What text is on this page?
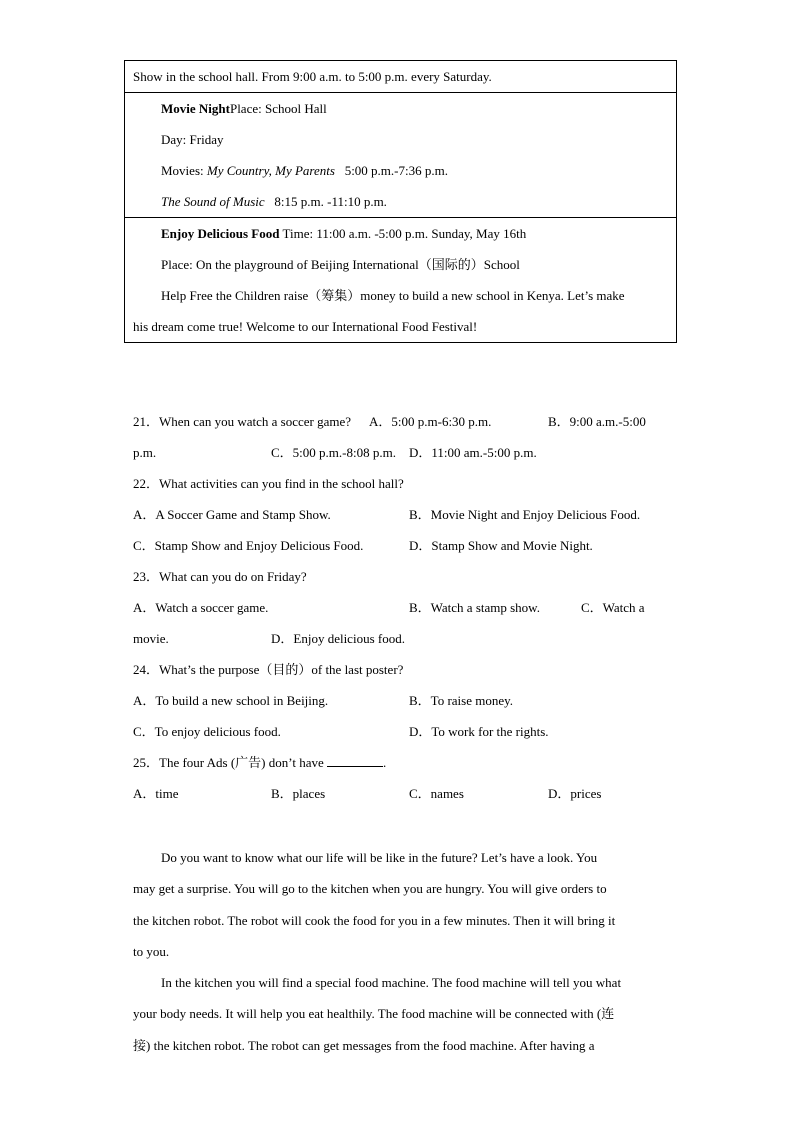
Show in the school hall. From 9:00 a.m. to 5:00 p.m. every Saturday.
Movie NightPlace: School Hall
Day: Friday
Movies: My Country, My Parents   5:00 p.m.-7:36 p.m.
The Sound of Music   8:15 p.m. -11:10 p.m.
Enjoy Delicious Food Time: 11:00 a.m. -5:00 p.m. Sunday, May 16th
Place: On the playground of Beijing International（国际的）School
Help Free the Children raise（筹集）money to build a new school in Kenya. Let’s make
his dream come true! Welcome to our International Food Festival!
21．When can you watch a soccer game? A．5:00 p.m-6:30 p.m.	B．9:00 a.m.-5:00
p.m.	C．5:00 p.m.-8:08 p.m. D．11:00 am.-5:00 p.m.
22．What activities can you find in the school hall?
A．A Soccer Game and Stamp Show.	B．Movie Night and Enjoy Delicious Food.
C．Stamp Show and Enjoy Delicious Food.	D．Stamp Show and Movie Night.
23．What can you do on Friday?
A．Watch a soccer game.	B．Watch a stamp show.	C．Watch a
movie.	D．Enjoy delicious food.
24．What’s the purpose（目的）of the last poster?
A．To build a new school in Beijing.	B．To raise money.
C．To enjoy delicious food.	D．To work for the rights.
25．The four Ads (广告) don’t have	.
A．time	B．places	C．names	D．prices
Do you want to know what our life will be like in the future? Let’s have a look. You
may get a surprise. You will go to the kitchen when you are hungry. You will give orders to
the kitchen robot. The robot will cook the food for you in a few minutes. Then it will bring it
to you.
In the kitchen you will find a special food machine. The food machine will tell you what
your body needs. It will help you eat healthily. The food machine will be connected with (连
接) the kitchen robot. The robot can get messages from the food machine. After having a
